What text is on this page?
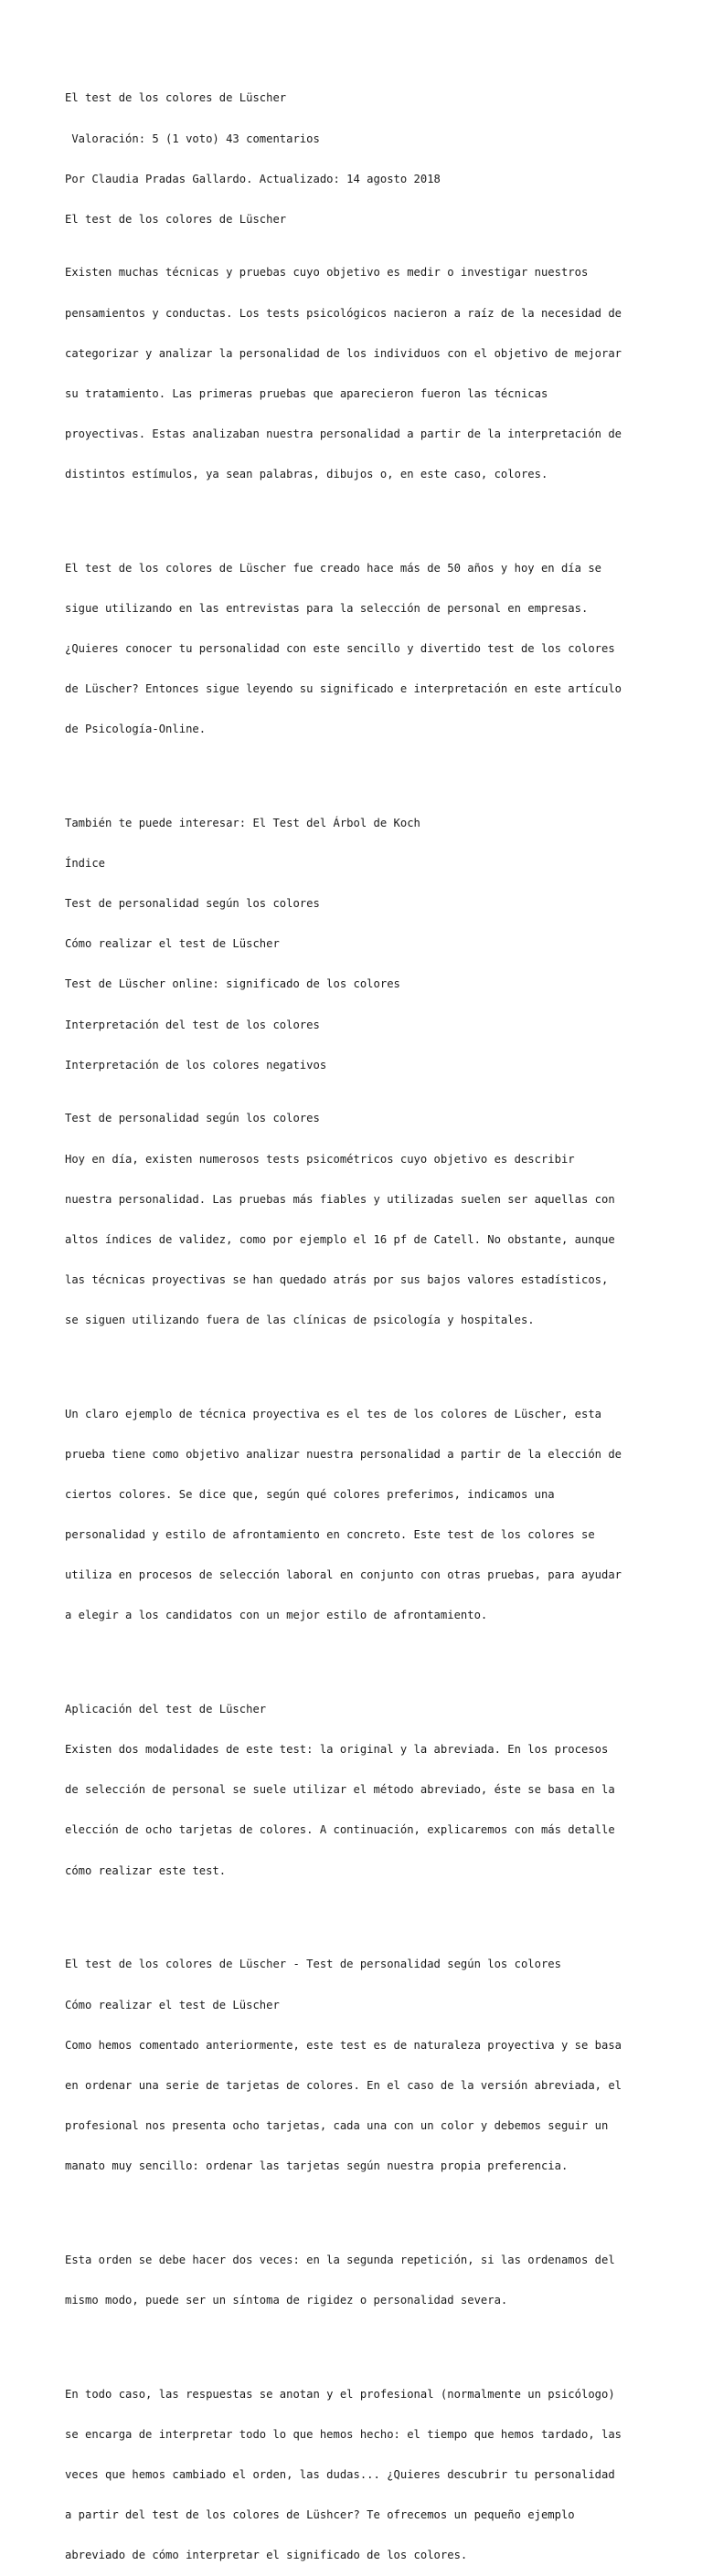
El test de los colores de Lüscher

Valoración: 5 (1 voto) 43 comentarios

Por Claudia Pradas Gallardo. Actualizado: 14 agosto 2018

El test de los colores de Lüscher

Existen muchas técnicas y pruebas cuyo objetivo es medir o investigar nuestros

pensamientos y conductas. Los tests psicológicos nacieron a raíz de la necesidad de

categorizar y analizar la personalidad de los individuos con el objetivo de mejorar

su tratamiento. Las primeras pruebas que aparecieron fueron las técnicas

proyectivas. Estas analizaban nuestra personalidad a partir de la interpretación de

distintos estímulos, ya sean palabras, dibujos o, en este caso, colores.

El test de los colores de Lüscher fue creado hace más de 50 años y hoy en día se

sigue utilizando en las entrevistas para la selección de personal en empresas.

¿Quieres conocer tu personalidad con este sencillo y divertido test de los colores

de Lüscher? Entonces sigue leyendo su significado e interpretación en este artículo

de Psicología-Online.

También te puede interesar: El Test del Árbol de Koch

Índice

Test de personalidad según los colores

Cómo realizar el test de Lüscher

Test de Lüscher online: significado de los colores

Interpretación del test de los colores

Interpretación de los colores negativos

Test de personalidad según los colores

Hoy en día, existen numerosos tests psicométricos cuyo objetivo es describir

nuestra personalidad. Las pruebas más fiables y utilizadas suelen ser aquellas con

altos índices de validez, como por ejemplo el 16 pf de Catell. No obstante, aunque

las técnicas proyectivas se han quedado atrás por sus bajos valores estadísticos,

se siguen utilizando fuera de las clínicas de psicología y hospitales.

Un claro ejemplo de técnica proyectiva es el tes de los colores de Lüscher, esta

prueba tiene como objetivo analizar nuestra personalidad a partir de la elección de

ciertos colores. Se dice que, según qué colores preferimos, indicamos una

personalidad y estilo de afrontamiento en concreto. Este test de los colores se

utiliza en procesos de selección laboral en conjunto con otras pruebas, para ayudar

a elegir a los candidatos con un mejor estilo de afrontamiento.

Aplicación del test de Lüscher

Existen dos modalidades de este test: la original y la abreviada. En los procesos

de selección de personal se suele utilizar el método abreviado, éste se basa en la

elección de ocho tarjetas de colores. A continuación, explicaremos con más detalle

cómo realizar este test.

El test de los colores de Lüscher - Test de personalidad según los colores

Cómo realizar el test de Lüscher

Como hemos comentado anteriormente, este test es de naturaleza proyectiva y se basa

en ordenar una serie de tarjetas de colores. En el caso de la versión abreviada, el

profesional nos presenta ocho tarjetas, cada una con un color y debemos seguir un

manato muy sencillo: ordenar las tarjetas según nuestra propia preferencia.

Esta orden se debe hacer dos veces: en la segunda repetición, si las ordenamos del

mismo modo, puede ser un síntoma de rigidez o personalidad severa.

En todo caso, las respuestas se anotan y el profesional (normalmente un psicólogo)

se encarga de interpretar todo lo que hemos hecho: el tiempo que hemos tardado, las

veces que hemos cambiado el orden, las dudas... ¿Quieres descubrir tu personalidad

a partir del test de los colores de Lüshcer? Te ofrecemos un pequeño ejemplo

abreviado de cómo interpretar el significado de los colores.
